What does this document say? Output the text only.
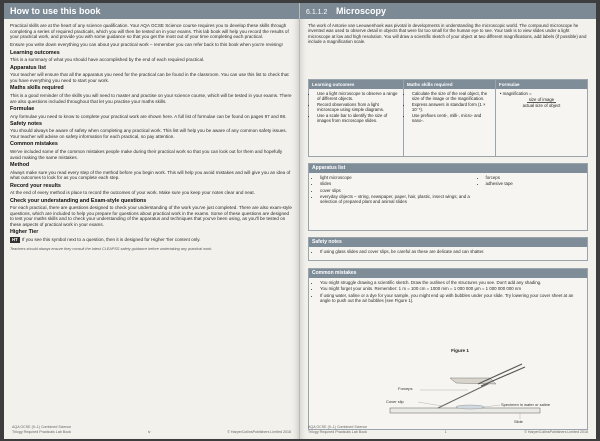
How to use this book

Practical skills are at the heart of any science qualification. Your AQA GCSE Science course requires you to develop these skills through completing a series of required practicals, which you will then be tested on in your exams. This lab book will help you record the results of your practical work, and provide you with some guidance so that you get the most out of your time completing each practical.

Ensure you write down everything you can about your practical work – remember you can refer back to this book when you're revising!

Learning outcomes

This is a summary of what you should have accomplished by the end of each required practical.

Apparatus list

Your teacher will ensure that all the apparatus you need for the practical can be found in the classroom. You can use this list to check that you have everything you need to start your work.

Maths skills required

This is a good reminder of the skills you will need to master and practise on your science course, which will be tested in your exams. There are also questions included throughout that let you practise your maths skills.

Formulae

Any formulae you need to know to complete your practical work are shown here. A full list of formulae can be found on pages 97 and 98.

Safety notes

You should always be aware of safety when completing any practical work. This list will help you be aware of any common safety issues. Your teacher will advise on safety information for each practical, so pay attention.

Common mistakes

We've included some of the common mistakes people make during their practical work so that you can look out for them and hopefully avoid making the same mistakes.

Method

Always make sure you read every step of the method before you begin work. This will help you avoid mistakes and will give you an idea of what outcomes to look for as you complete each step.

Record your results

At the end of every method is place to record the outcomes of your work. Make sure you keep your notes clear and neat.

Check your understanding and Exam-style questions

For each practical, there are questions designed to check your understanding of the work you've just completed. There are also exam-style questions, which are included to help you prepare for questions about practical work in the exams. Some of these questions are designed to test your maths skills and to check your understanding of the apparatus and techniques that you've been using, as you'll be tested on these aspects of practical work in your exams.

Higher Tier

HT If you see this symbol next to a question, then it is designed for Higher Tier content only.

Teachers should always ensure they consult the latest CLEAPSS safety guidance before undertaking any practical work.
AQA GCSE (9–1) Combined Science
Trilogy Required Practicals Lab Book	iv	© HarperCollinsPublishers Limited 2018
6.1.1.2 Microscopy

The work of Antonie van Leeuwenhoek was pivotal in developments in understanding the microscopic world. The compound microscope he invented was used to observe detail in objects that were far too small for the human eye to see. Your task is to view slides under a light microscope at low and high resolution. You will draw a scientific sketch of your object at two different magnifications, add labels (if possible) and include a magnification scale.

Learning outcomes
• Use a light microscope to observe a range of different objects.
• Record observations from a light microscope using simple diagrams.
• Use a scale bar to identify the size of images from microscope slides.
Maths skills required
• Calculate the size of the real object, the size of the image or the magnification.
• Express answers in standard form (1 × 10⁻³).
• Use prefixes centi-, milli-, micro- and nano-.
Formulae
• magnification =
size of image
actual size of object
Apparatus list
• light microscope
• slides
• cover slips
• everyday objects – string, newspaper, paper, hair, plastic, insect wings; and a selection of prepared plant and animal slides
• forceps
• adhesive tape
Safety notes
• If using glass slides and cover slips, be careful as these are delicate and can shatter.
Common mistakes
• You might struggle drawing a scientific sketch. Draw the outlines of the structures you see. Don't add any shading.
• You might forget your units. Remember: 1 m = 100 cm = 1000 mm = 1 000 000 μm = 1 000 000 000 nm
• If using water, saline or a dye for your sample, you might end up with bubbles under your slide. Try lowering your cover sheet at an angle to push out the air bubbles (see Figure 1).
Figure 1
Forceps
Cover slip
Specimen in water or saline
Slide
AQA GCSE (9–1) Combined Science
Trilogy Required Practicals Lab Book	1	© HarperCollinsPublishers Limited 2018
